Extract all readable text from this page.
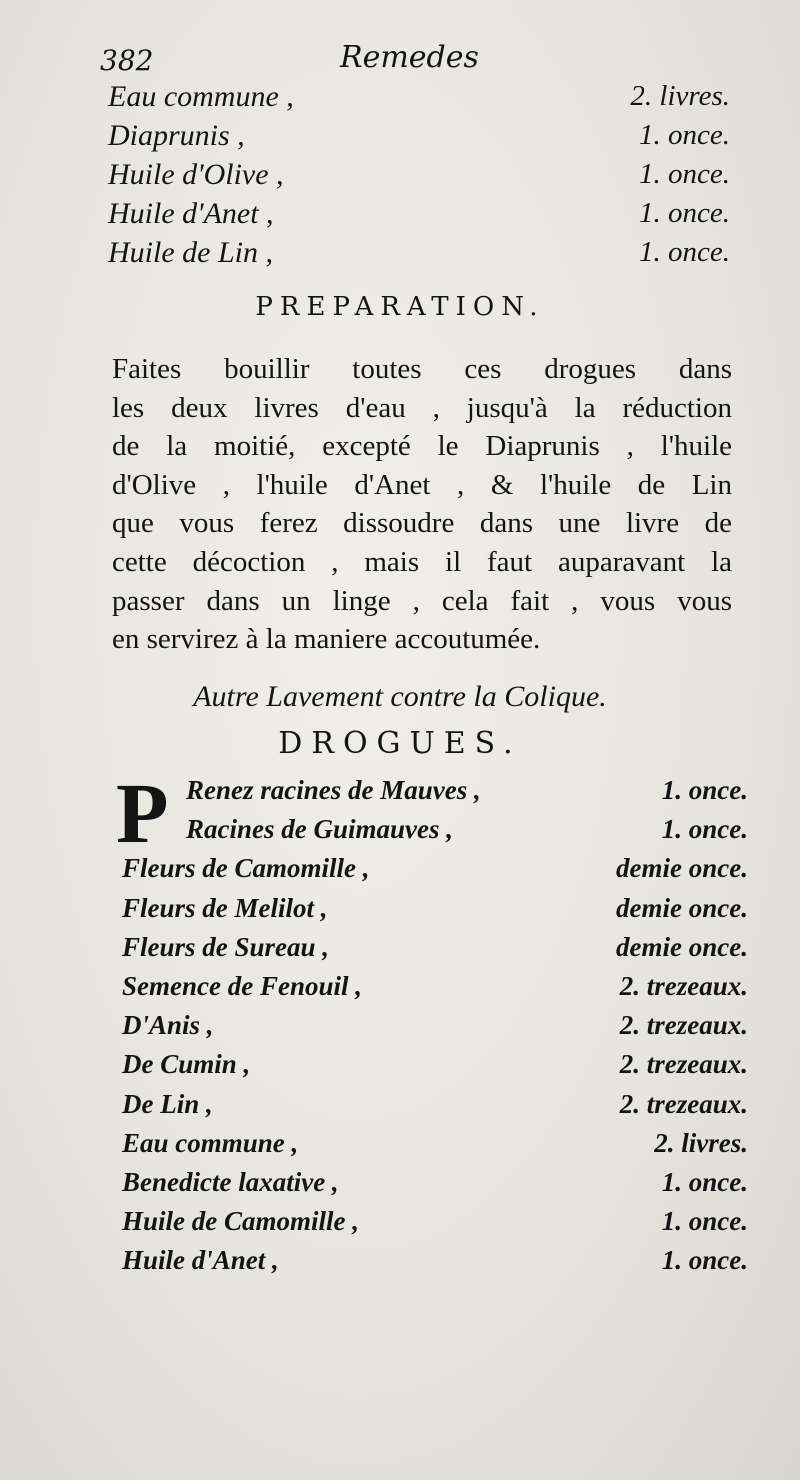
382	Remedes
Eau commune ,	2. livres.
Diaprunis ,	1. once.
Huile d'Olive ,	1. once.
Huile d'Anet ,	1. once.
Huile de Lin ,	1. once.
PREPARATION.
Faites bouillir toutes ces drogues dans
les deux livres d'eau , jusqu'à la réduction
de la moitié, excepté le Diaprunis , l'huile
d'Olive , l'huile d'Anet , & l'huile de Lin
que vous ferez dissoudre dans une livre de
cette décoction , mais il faut auparavant la
passer dans un linge , cela fait , vous vous
en servirez à la maniere accoutumée.
Autre Lavement contre la Colique.
DROGUES.
P Renez racines de Mauves ,	1. once.
Racines de Guimauves ,	1. once.
Fleurs de Camomille ,	demie once.
Fleurs de Melilot ,	demie once.
Fleurs de Sureau ,	demie once.
Semence de Fenouil ,	2. trezeaux.
D'Anis ,	2. trezeaux.
De Cumin ,	2. trezeaux.
De Lin ,	2. trezeaux.
Eau commune ,	2. livres.
Benedicte laxative ,	1. once.
Huile de Camomille ,	1. once.
Huile d'Anet ,	1. once.
